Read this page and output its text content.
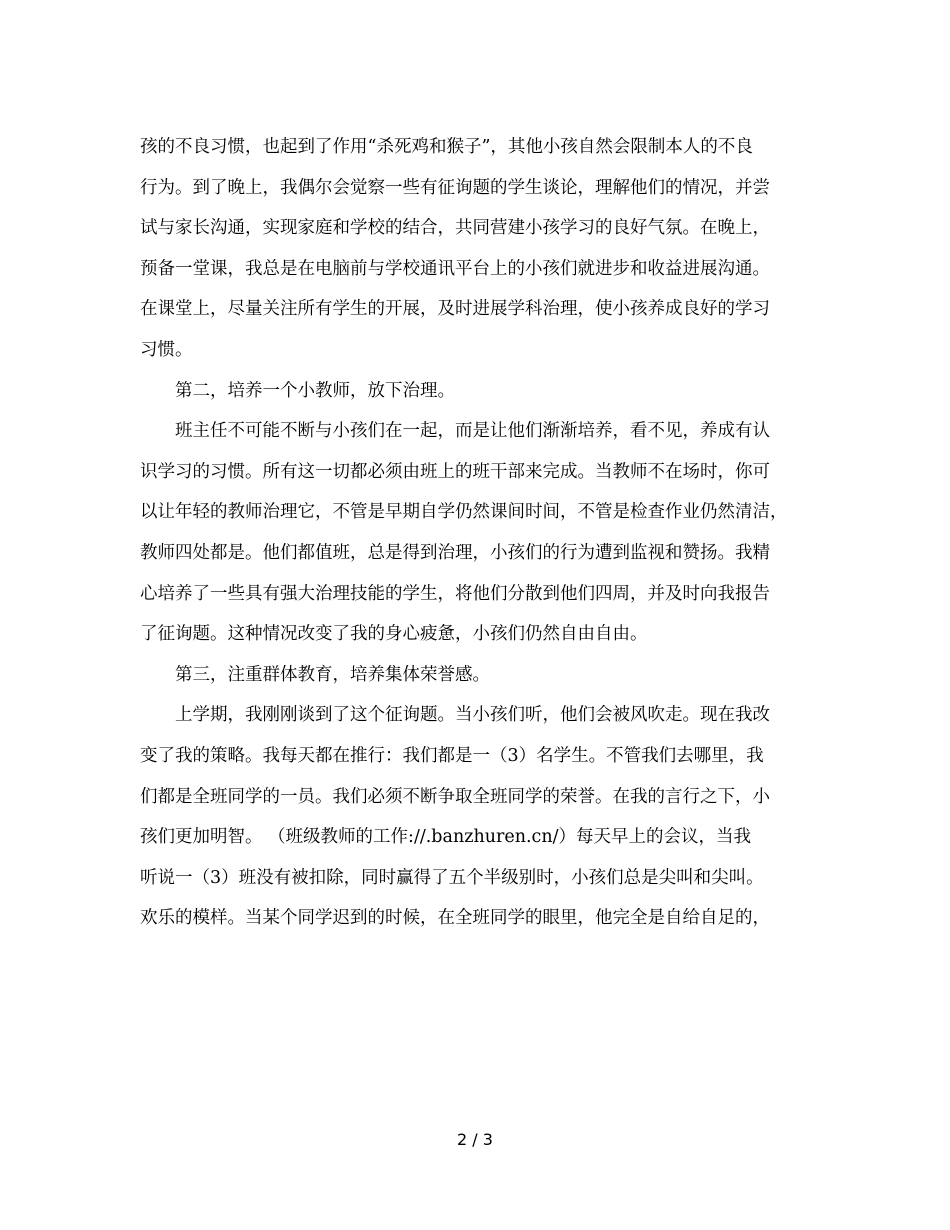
孩的不良习惯，也起到了作用“杀死鸡和猴子”，其他小孩自然会限制本人的不良
行为。到了晚上，我偶尔会觉察一些有征询题的学生谈论，理解他们的情况，并尝
试与家长沟通，实现家庭和学校的结合，共同营建小孩学习的良好气氛。在晚上，
预备一堂课，我总是在电脑前与学校通讯平台上的小孩们就进步和收益进展沟通。
在课堂上，尽量关注所有学生的开展，及时进展学科治理，使小孩养成良好的学习
习惯。
第二，培养一个小教师，放下治理。
班主任不可能不断与小孩们在一起，而是让他们渐渐培养，看不见，养成有认
识学习的习惯。所有这一切都必须由班上的班干部来完成。当教师不在场时，你可
以让年轻的教师治理它，不管是早期自学仍然课间时间，不管是检查作业仍然清洁，
教师四处都是。他们都值班，总是得到治理，小孩们的行为遭到监视和赞扬。我精
心培养了一些具有强大治理技能的学生，将他们分散到他们四周，并及时向我报告
了征询题。这种情况改变了我的身心疲惫，小孩们仍然自由自由。
第三，注重群体教育，培养集体荣誉感。
上学期，我刚刚谈到了这个征询题。当小孩们听，他们会被风吹走。现在我改
变了我的策略。我每天都在推行：我们都是一（3）名学生。不管我们去哪里，我
们都是全班同学的一员。我们必须不断争取全班同学的荣誉。在我的言行之下，小
孩们更加明智。 （班级教师的工作://.banzhuren.cn/）每天早上的会议，当我
听说一（3）班没有被扣除，同时赢得了五个半级别时，小孩们总是尖叫和尖叫。
欢乐的模样。当某个同学迟到的时候，在全班同学的眼里，他完全是自给自足的，
2 / 3
